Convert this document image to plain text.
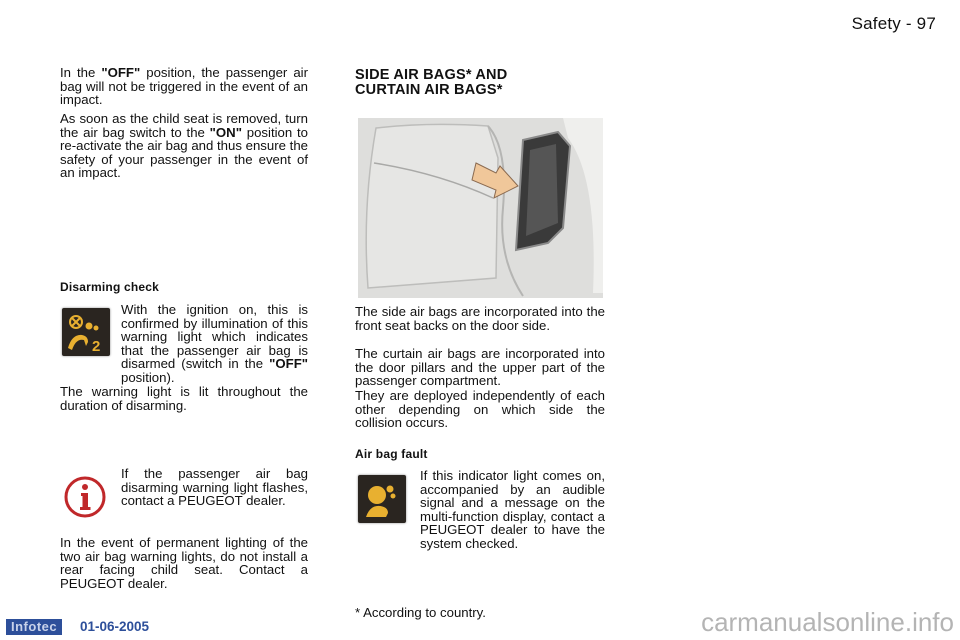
Safety - 97

In the "OFF" position, the passenger air bag will not be triggered in the event of an impact.

As soon as the child seat is removed, turn the air bag switch to the "ON" position to re-activate the air bag and thus ensure the safety of your passenger in the event of an impact.

Disarming check
2

With the ignition on, this is confirmed by illumination of this warning light which indicates that the passenger air bag is disarmed (switch in the "OFF" position).

The warning light is lit throughout the duration of disarming.

If the passenger air bag disarming warning light flashes, contact a PEUGEOT dealer.

In the event of permanent lighting of the two air bag warning lights, do not install a rear facing child seat. Contact a PEUGEOT dealer.

SIDE AIR BAGS* AND
CURTAIN AIR BAGS*

The side air bags are incorporated into the front seat backs on the door side.

The curtain air bags are incorporated into the door pillars and the upper part of the passenger compartment.

They are deployed independently of each other depending on which side the collision occurs.

Air bag fault

If this indicator light comes on, accompanied by an audible signal and a message on the multi-function display, contact a PEUGEOT dealer to have the system checked.

* According to country.
Infotec	01-06-2005	carmanualsonline.info
